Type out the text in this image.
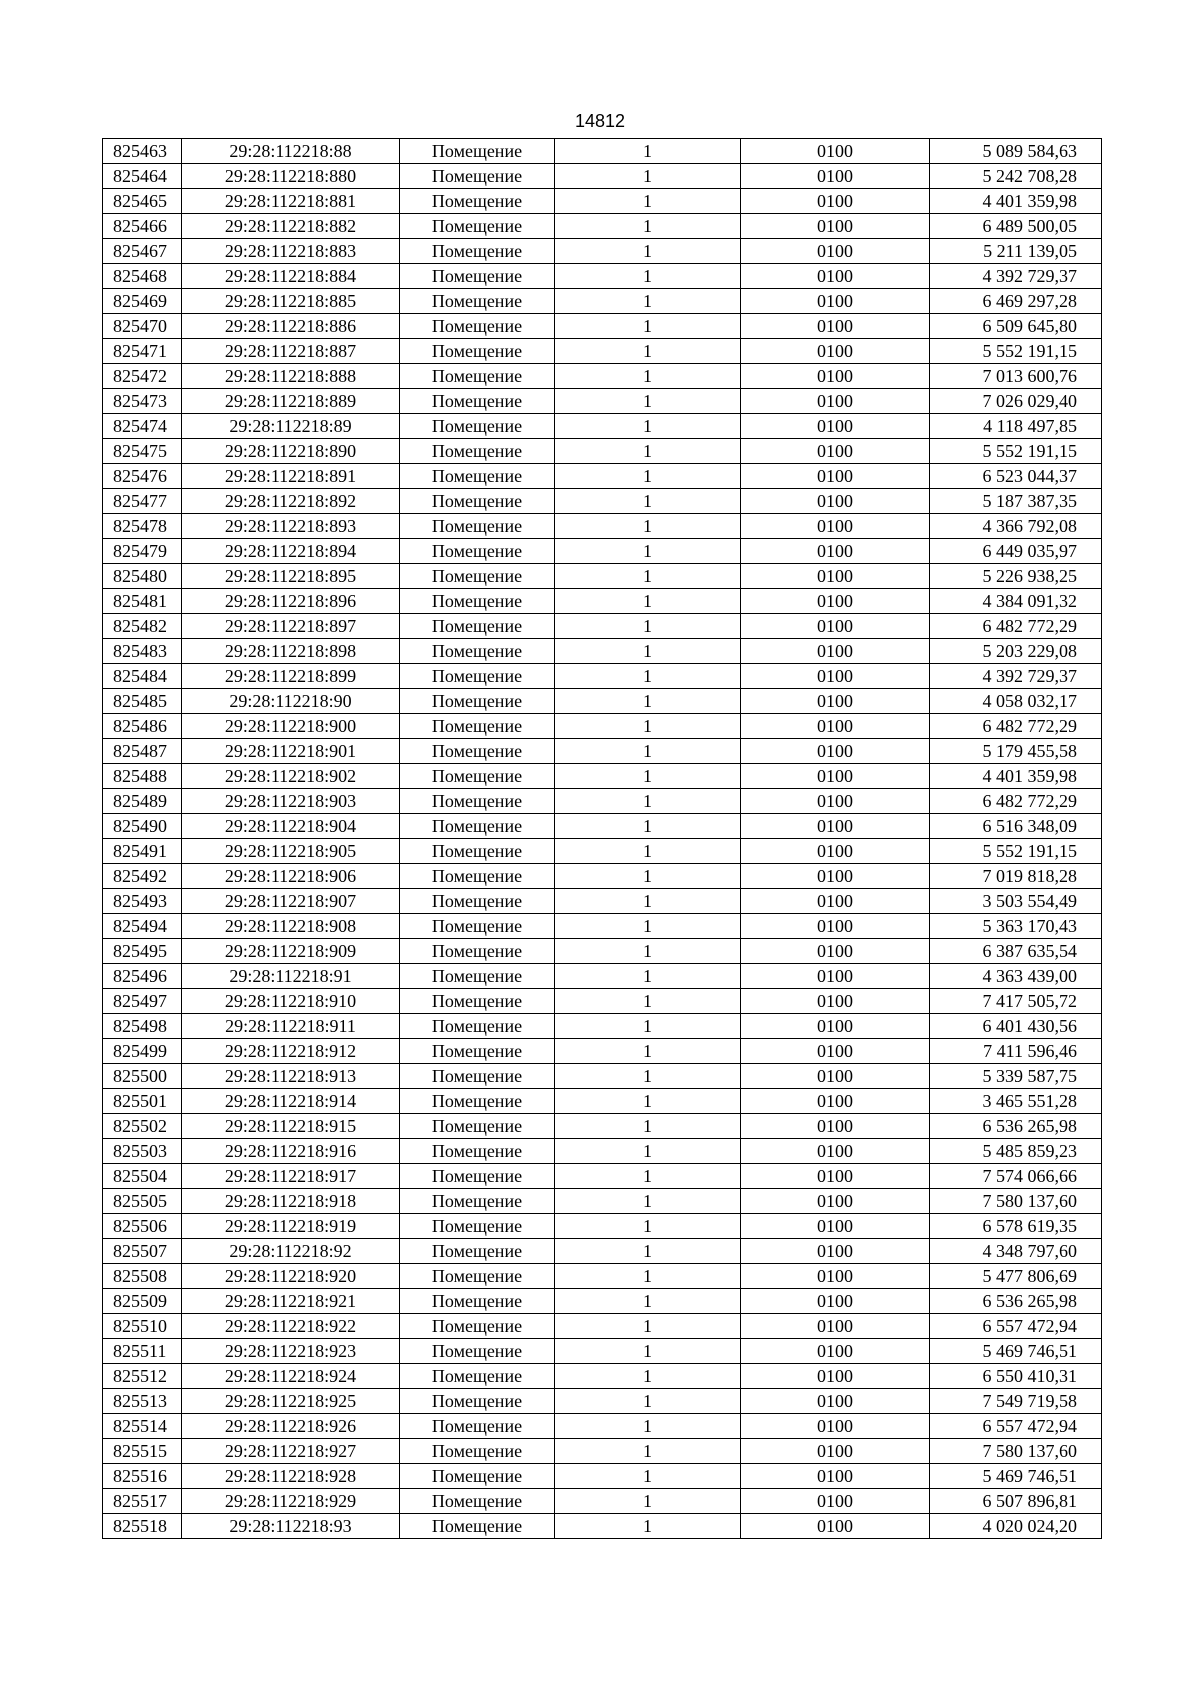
14812
825463	29:28:112218:88	Помещение	1	0100	5 089 584,63
825464	29:28:112218:880	Помещение	1	0100	5 242 708,28
825465	29:28:112218:881	Помещение	1	0100	4 401 359,98
825466	29:28:112218:882	Помещение	1	0100	6 489 500,05
825467	29:28:112218:883	Помещение	1	0100	5 211 139,05
825468	29:28:112218:884	Помещение	1	0100	4 392 729,37
825469	29:28:112218:885	Помещение	1	0100	6 469 297,28
825470	29:28:112218:886	Помещение	1	0100	6 509 645,80
825471	29:28:112218:887	Помещение	1	0100	5 552 191,15
825472	29:28:112218:888	Помещение	1	0100	7 013 600,76
825473	29:28:112218:889	Помещение	1	0100	7 026 029,40
825474	29:28:112218:89	Помещение	1	0100	4 118 497,85
825475	29:28:112218:890	Помещение	1	0100	5 552 191,15
825476	29:28:112218:891	Помещение	1	0100	6 523 044,37
825477	29:28:112218:892	Помещение	1	0100	5 187 387,35
825478	29:28:112218:893	Помещение	1	0100	4 366 792,08
825479	29:28:112218:894	Помещение	1	0100	6 449 035,97
825480	29:28:112218:895	Помещение	1	0100	5 226 938,25
825481	29:28:112218:896	Помещение	1	0100	4 384 091,32
825482	29:28:112218:897	Помещение	1	0100	6 482 772,29
825483	29:28:112218:898	Помещение	1	0100	5 203 229,08
825484	29:28:112218:899	Помещение	1	0100	4 392 729,37
825485	29:28:112218:90	Помещение	1	0100	4 058 032,17
825486	29:28:112218:900	Помещение	1	0100	6 482 772,29
825487	29:28:112218:901	Помещение	1	0100	5 179 455,58
825488	29:28:112218:902	Помещение	1	0100	4 401 359,98
825489	29:28:112218:903	Помещение	1	0100	6 482 772,29
825490	29:28:112218:904	Помещение	1	0100	6 516 348,09
825491	29:28:112218:905	Помещение	1	0100	5 552 191,15
825492	29:28:112218:906	Помещение	1	0100	7 019 818,28
825493	29:28:112218:907	Помещение	1	0100	3 503 554,49
825494	29:28:112218:908	Помещение	1	0100	5 363 170,43
825495	29:28:112218:909	Помещение	1	0100	6 387 635,54
825496	29:28:112218:91	Помещение	1	0100	4 363 439,00
825497	29:28:112218:910	Помещение	1	0100	7 417 505,72
825498	29:28:112218:911	Помещение	1	0100	6 401 430,56
825499	29:28:112218:912	Помещение	1	0100	7 411 596,46
825500	29:28:112218:913	Помещение	1	0100	5 339 587,75
825501	29:28:112218:914	Помещение	1	0100	3 465 551,28
825502	29:28:112218:915	Помещение	1	0100	6 536 265,98
825503	29:28:112218:916	Помещение	1	0100	5 485 859,23
825504	29:28:112218:917	Помещение	1	0100	7 574 066,66
825505	29:28:112218:918	Помещение	1	0100	7 580 137,60
825506	29:28:112218:919	Помещение	1	0100	6 578 619,35
825507	29:28:112218:92	Помещение	1	0100	4 348 797,60
825508	29:28:112218:920	Помещение	1	0100	5 477 806,69
825509	29:28:112218:921	Помещение	1	0100	6 536 265,98
825510	29:28:112218:922	Помещение	1	0100	6 557 472,94
825511	29:28:112218:923	Помещение	1	0100	5 469 746,51
825512	29:28:112218:924	Помещение	1	0100	6 550 410,31
825513	29:28:112218:925	Помещение	1	0100	7 549 719,58
825514	29:28:112218:926	Помещение	1	0100	6 557 472,94
825515	29:28:112218:927	Помещение	1	0100	7 580 137,60
825516	29:28:112218:928	Помещение	1	0100	5 469 746,51
825517	29:28:112218:929	Помещение	1	0100	6 507 896,81
825518	29:28:112218:93	Помещение	1	0100	4 020 024,20
